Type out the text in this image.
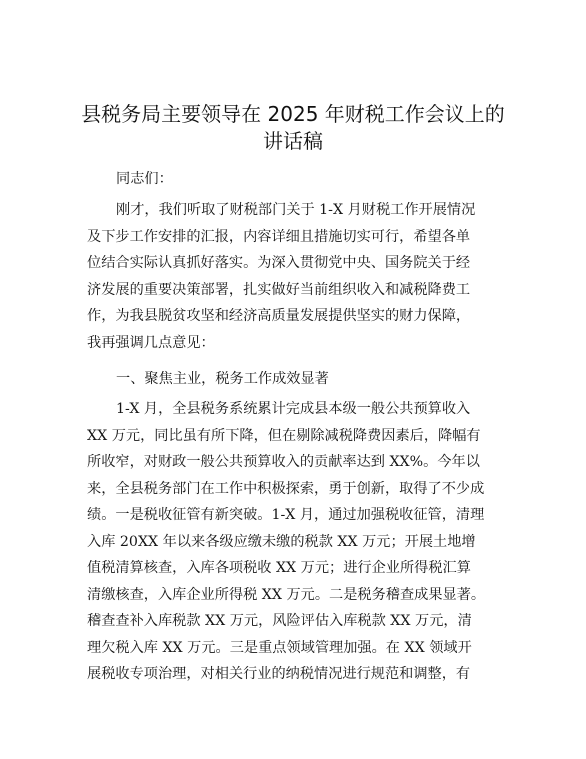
县税务局主要领导在 2025 年财税工作会议上的
讲话稿
同志们：
刚才，我们听取了财税部门关于 1-X 月财税工作开展情况
及下步工作安排的汇报，内容详细且措施切实可行，希望各单
位结合实际认真抓好落实。为深入贯彻党中央、国务院关于经
济发展的重要决策部署，扎实做好当前组织收入和减税降费工
作，为我县脱贫攻坚和经济高质量发展提供坚实的财力保障，
我再强调几点意见：
一、聚焦主业，税务工作成效显著
1-X 月，全县税务系统累计完成县本级一般公共预算收入
XX 万元，同比虽有所下降，但在剔除减税降费因素后，降幅有
所收窄，对财政一般公共预算收入的贡献率达到 XX%。今年以
来，全县税务部门在工作中积极探索，勇于创新，取得了不少成
绩。一是税收征管有新突破。1-X 月，通过加强税收征管，清理
入库 20XX 年以来各级应缴未缴的税款 XX 万元；开展土地增
值税清算核查，入库各项税收 XX 万元；进行企业所得税汇算
清缴核查，入库企业所得税 XX 万元。二是税务稽查成果显著。
稽查查补入库税款 XX 万元，风险评估入库税款 XX 万元，清
理欠税入库 XX 万元。三是重点领域管理加强。在 XX 领域开
展税收专项治理，对相关行业的纳税情况进行规范和调整，有
